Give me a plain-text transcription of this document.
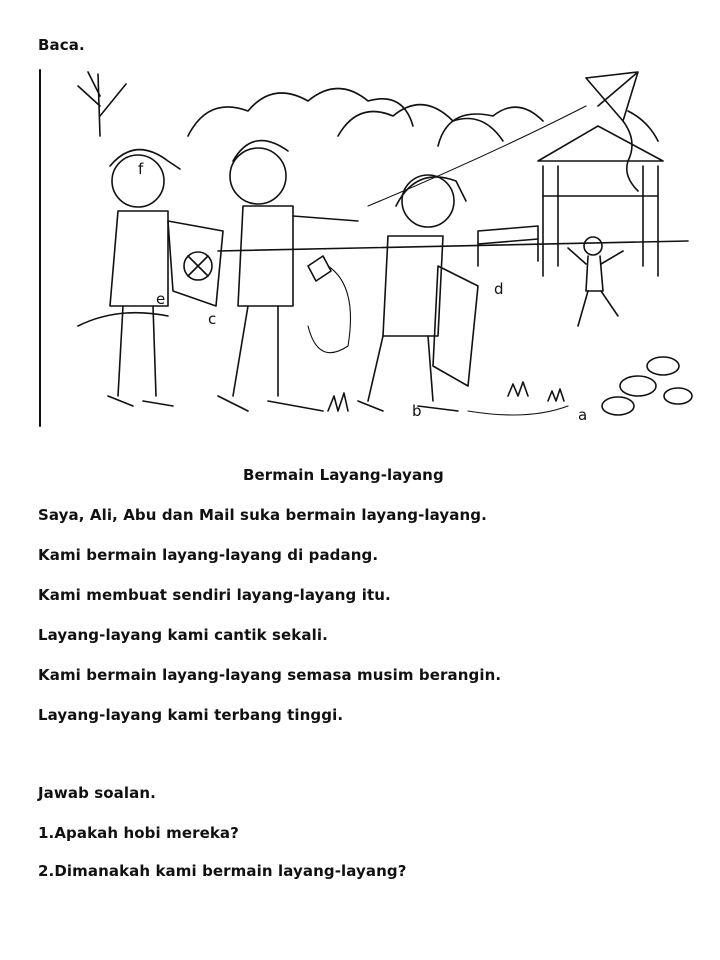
Baca.
f
e
c
d
b	a
Bermain Layang-layang
Saya, Ali, Abu dan Mail suka bermain layang-layang.
Kami bermain layang-layang di padang.
Kami membuat sendiri layang-layang itu.
Layang-layang kami cantik sekali.
Kami bermain layang-layang semasa musim berangin.
Layang-layang kami terbang tinggi.
Jawab soalan.
1.Apakah hobi mereka?
2.Dimanakah kami bermain layang-layang?
